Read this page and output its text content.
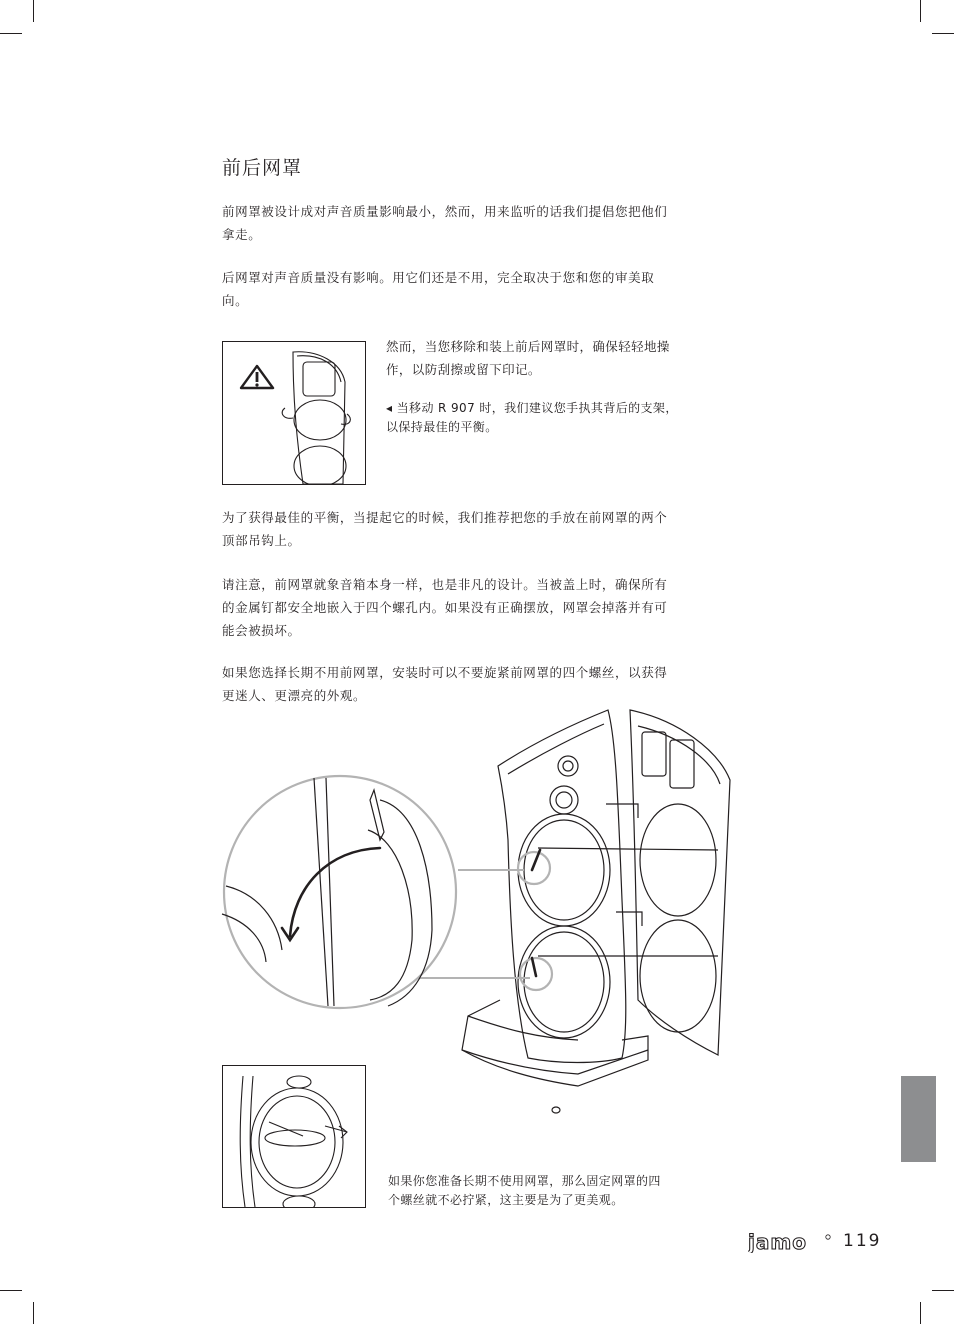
前后网罩
前网罩被设计成对声音质量影响最小，然而，用来监听的话我们提倡您把他们
拿走。
后网罩对声音质量没有影响。用它们还是不用，完全取决于您和您的审美取
向。
然而，当您移除和装上前后网罩时，确保轻轻地操
作，以防刮擦或留下印记。
◂ 当移动 R 907 时，我们建议您手执其背后的支架，
以保持最佳的平衡。
为了获得最佳的平衡，当提起它的时候，我们推荐把您的手放在前网罩的两个
顶部吊钩上。
请注意，前网罩就象音箱本身一样，也是非凡的设计。当被盖上时，确保所有
的金属钉都安全地嵌入于四个螺孔内。如果没有正确摆放，网罩会掉落并有可
能会被损坏。
如果您选择长期不用前网罩，安装时可以不要旋紧前网罩的四个螺丝，以获得
更迷人、更漂亮的外观。
如果你您准备长期不使用网罩，那么固定网罩的四
个螺丝就不必拧紧，这主要是为了更美观。
jamo 119
